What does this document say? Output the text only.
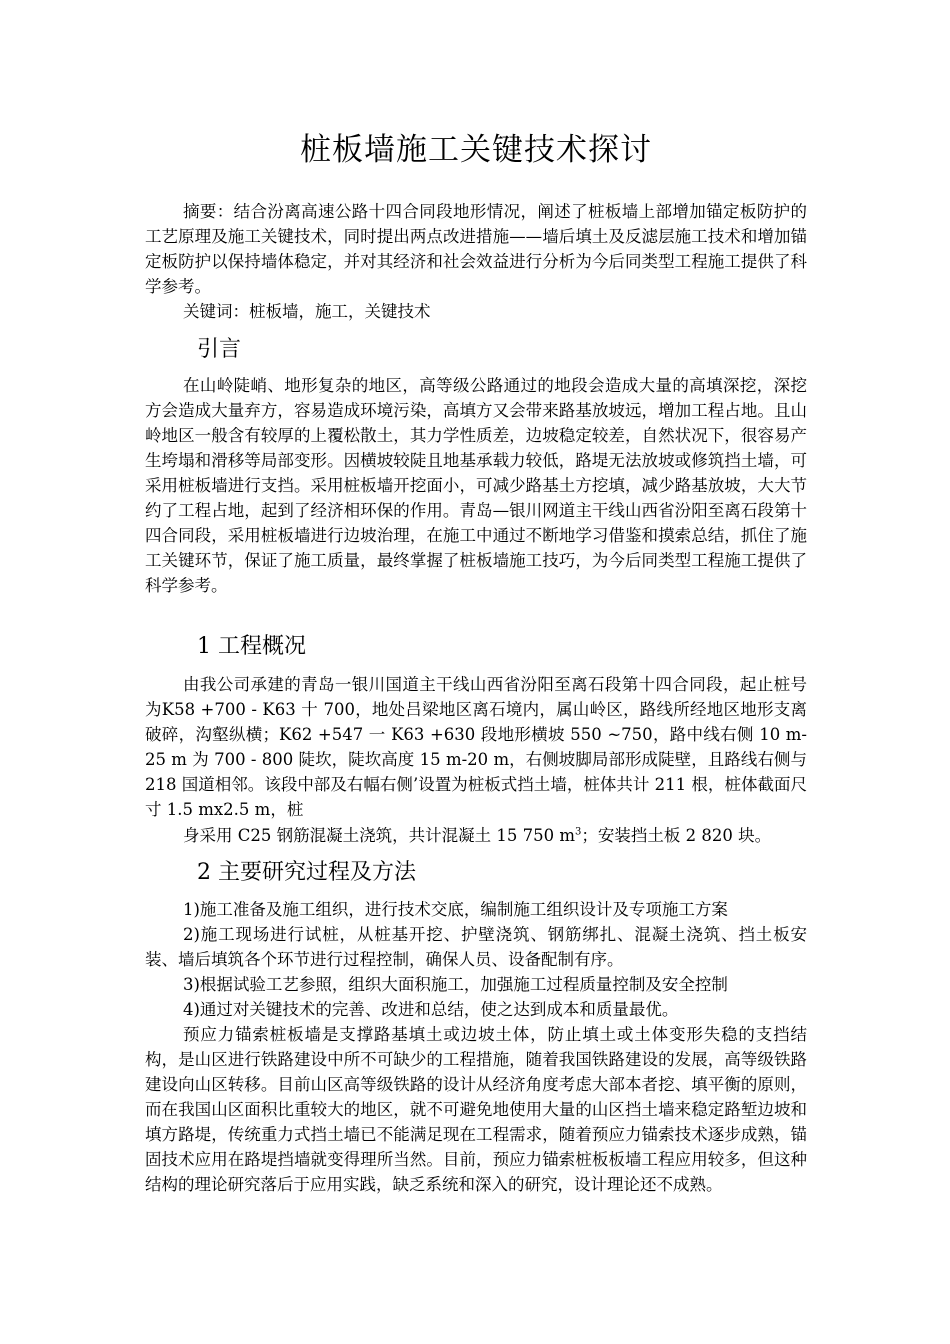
桩板墙施工关键技术探讨

摘要：结合汾离高速公路十四合同段地形情况，阐述了桩板墙上部增加锚定板防护的工艺原理及施工关键技术，同时提出两点改进措施——墙后填土及反滤层施工技术和增加锚定板防护以保持墙体稳定，并对其经济和社会效益进行分析为今后同类型工程施工提供了科学参考。

关键词：桩板墙，施工，关键技术

引言

在山岭陡峭、地形复杂的地区，高等级公路通过的地段会造成大量的高填深挖，深挖方会造成大量弃方，容易造成环境污染，高填方又会带来路基放坡远，增加工程占地。且山岭地区一般含有较厚的上覆松散土，其力学性质差，边坡稳定较差，自然状况下，很容易产生垮塌和滑移等局部变形。因横坡较陡且地基承载力较低，路堤无法放坡或修筑挡土墙，可采用桩板墙进行支挡。采用桩板墙开挖面小，可减少路基土方挖填，减少路基放坡，大大节约了工程占地，起到了经济相环保的作用。青岛—银川网道主干线山西省汾阳至离石段第十四合同段，采用桩板墙进行边坡治理，在施工中通过不断地学习借鉴和摸索总结，抓住了施工关键环节，保证了施工质量，最终掌握了桩板墙施工技巧，为今后同类型工程施工提供了科学参考。

1 工程概况

由我公司承建的青岛一银川国道主干线山西省汾阳至离石段第十四合同段，起止桩号为K58 +700 - K63 十 700，地处吕梁地区离石境内，属山岭区，路线所经地区地形支离破碎，沟壑纵横；K62 +547 一 K63 +630 段地形横坡 550 ~750，路中线右侧 10 m-25 m 为 700 - 800 陡坎，陡坎高度 15 m-20 m，右侧坡脚局部形成陡壁，且路线右侧与 218 国道相邻。该段中部及右幅右侧’设置为桩板式挡土墙，桩体共计 211 根，桩体截面尺寸 1.5 mx2.5 m，桩

身采用 C25 钢筋混凝土浇筑，共计混凝土 15 750 $m^3$；安装挡土板 2 820 块。

2 主要研究过程及方法

1)施工准备及施工组织，进行技术交底，编制施工组织设计及专项施工方案

2)施工现场进行试桩，从桩基开挖、护壁浇筑、钢筋绑扎、混凝土浇筑、挡土板安装、墙后填筑各个环节进行过程控制，确保人员、设备配制有序。

3)根据试验工艺参照，组织大面积施工，加强施工过程质量控制及安全控制

4)通过对关键技术的完善、改进和总结，使之达到成本和质量最优。

预应力锚索桩板墙是支撑路基填土或边坡土体，防止填土或土体变形失稳的支挡结构，是山区进行铁路建设中所不可缺少的工程措施，随着我国铁路建设的发展，高等级铁路建设向山区转移。目前山区高等级铁路的设计从经济角度考虑大部本者挖、填平衡的原则，而在我国山区面积比重较大的地区，就不可避免地使用大量的山区挡土墙来稳定路堑边坡和填方路堤，传统重力式挡土墙已不能满足现在工程需求，随着预应力锚索技术逐步成熟，锚固技术应用在路堤挡墙就变得理所当然。目前，预应力锚索桩板板墙工程应用较多，但这种结构的理论研究落后于应用实践，缺乏系统和深入的研究，设计理论还不成熟。
